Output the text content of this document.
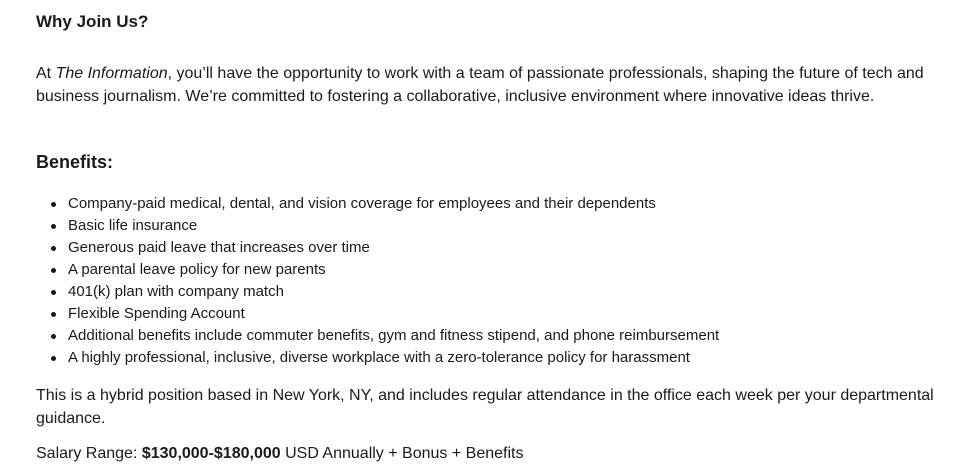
Why Join Us?

At The Information, you’ll have the opportunity to work with a team of passionate professionals, shaping the future of tech and business journalism. We’re committed to fostering a collaborative, inclusive environment where innovative ideas thrive.

Benefits:
Company-paid medical, dental, and vision coverage for employees and their dependents
Basic life insurance
Generous paid leave that increases over time
A parental leave policy for new parents
401(k) plan with company match
Flexible Spending Account
Additional benefits include commuter benefits, gym and fitness stipend, and phone reimbursement
A highly professional, inclusive, diverse workplace with a zero-tolerance policy for harassment

This is a hybrid position based in New York, NY, and includes regular attendance in the office each week per your departmental guidance.

Salary Range: $130,000-$180,000 USD Annually + Bonus + Benefits
